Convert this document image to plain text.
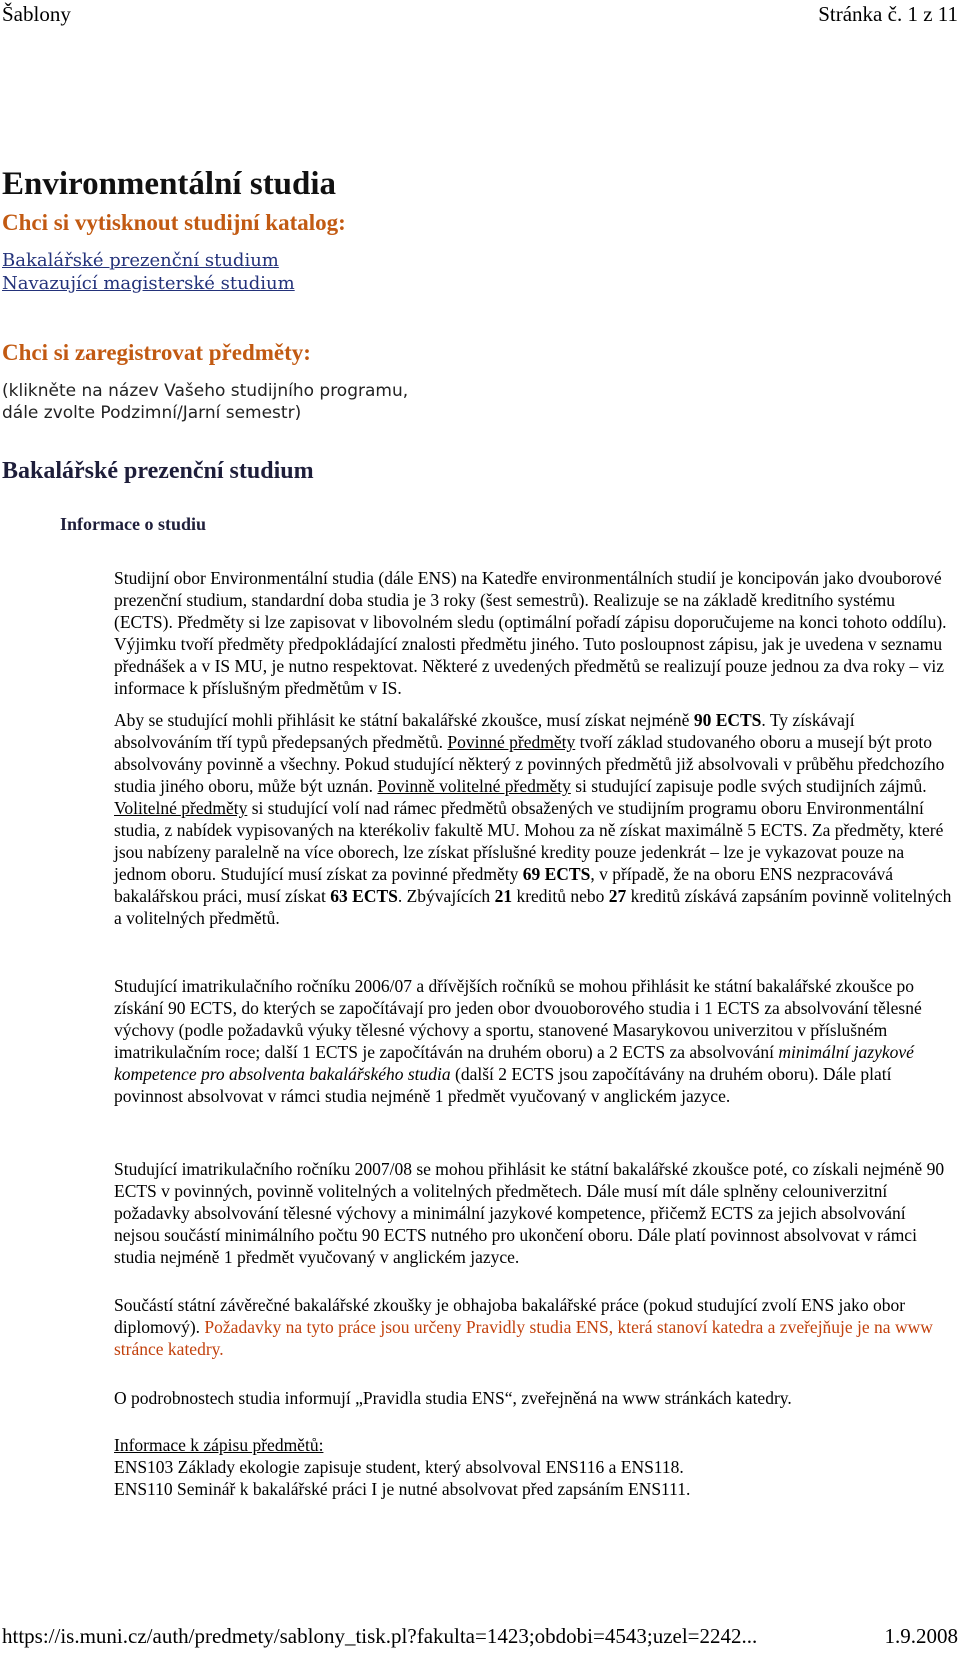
Šablony	Stránka č. 1 z 11
Environmentální studia
Chci si vytisknout studijní katalog:
Bakalářské prezenční studium
Navazující magisterské studium
Chci si zaregistrovat předměty:

(klikněte na název Vašeho studijního programu,
dále zvolte Podzimní/Jarní semestr)

Bakalářské prezenční studium
Informace o studiu

Studijní obor Environmentální studia (dále ENS) na Katedře environmentálních studií je koncipován jako dvouborové prezenční studium, standardní doba studia je 3 roky (šest semestrů). Realizuje se na základě kreditního systému (ECTS). Předměty si lze zapisovat v libovolném sledu (optimální pořadí zápisu doporučujeme na konci tohoto oddílu). Výjimku tvoří předměty předpokládající znalosti předmětu jiného. Tuto posloupnost zápisu, jak je uvedena v seznamu přednášek a v IS MU, je nutno respektovat. Některé z uvedených předmětů se realizují pouze jednou za dva roky – viz informace k příslušným předmětům v IS.

Aby se studující mohli přihlásit ke státní bakalářské zkoušce, musí získat nejméně 90 ECTS. Ty získávají absolvováním tří typů předepsaných předmětů. Povinné předměty tvoří základ studovaného oboru a musejí být proto absolvovány povinně a všechny. Pokud studující některý z povinných předmětů již absolvovali v průběhu předchozího studia jiného oboru, může být uznán. Povinně volitelné předměty si studující zapisuje podle svých studijních zájmů. Volitelné předměty si studující volí nad rámec předmětů obsažených ve studijním programu oboru Environmentální studia, z nabídek vypisovaných na kterékoliv fakultě MU. Mohou za ně získat maximálně 5 ECTS. Za předměty, které jsou nabízeny paralelně na více oborech, lze získat příslušné kredity pouze jedenkrát – lze je vykazovat pouze na jednom oboru. Studující musí získat za povinné předměty 69 ECTS, v případě, že na oboru ENS nezpracovává bakalářskou práci, musí získat 63 ECTS. Zbývajících 21 kreditů nebo 27 kreditů získává zapsáním povinně volitelných a volitelných předmětů.

Studující imatrikulačního ročníku 2006/07 a dřívějších ročníků se mohou přihlásit ke státní bakalářské zkoušce po získání 90 ECTS, do kterých se započítávají pro jeden obor dvouoborového studia i 1 ECTS za absolvování tělesné výchovy (podle požadavků výuky tělesné výchovy a sportu, stanovené Masarykovou univerzitou v příslušném imatrikulačním roce; další 1 ECTS je započítáván na druhém oboru) a 2 ECTS za absolvování minimální jazykové kompetence pro absolventa bakalářského studia (další 2 ECTS jsou započítávány na druhém oboru). Dále platí povinnost absolvovat v rámci studia nejméně 1 předmět vyučovaný v anglickém jazyce.

Studující imatrikulačního ročníku 2007/08 se mohou přihlásit ke státní bakalářské zkoušce poté, co získali nejméně 90 ECTS v povinných, povinně volitelných a volitelných předmětech. Dále musí mít dále splněny celouniverzitní požadavky absolvování tělesné výchovy a minimální jazykové kompetence, přičemž ECTS za jejich absolvování nejsou součástí minimálního počtu 90 ECTS nutného pro ukončení oboru. Dále platí povinnost absolvovat v rámci studia nejméně 1 předmět vyučovaný v anglickém jazyce.

Součástí státní závěrečné bakalářské zkoušky je obhajoba bakalářské práce (pokud studující zvolí ENS jako obor diplomový). Požadavky na tyto práce jsou určeny Pravidly studia ENS, která stanoví katedra a zveřejňuje je na www stránce katedry.

O podrobnostech studia informují „Pravidla studia ENS“, zveřejněná na www stránkách katedry.

Informace k zápisu předmětů:
ENS103 Základy ekologie zapisuje student, který absolvoval ENS116 a ENS118.
ENS110 Seminář k bakalářské práci I je nutné absolvovat před zapsáním ENS111.
https://is.muni.cz/auth/predmety/sablony_tisk.pl?fakulta=1423;obdobi=4543;uzel=2242...	1.9.2008
